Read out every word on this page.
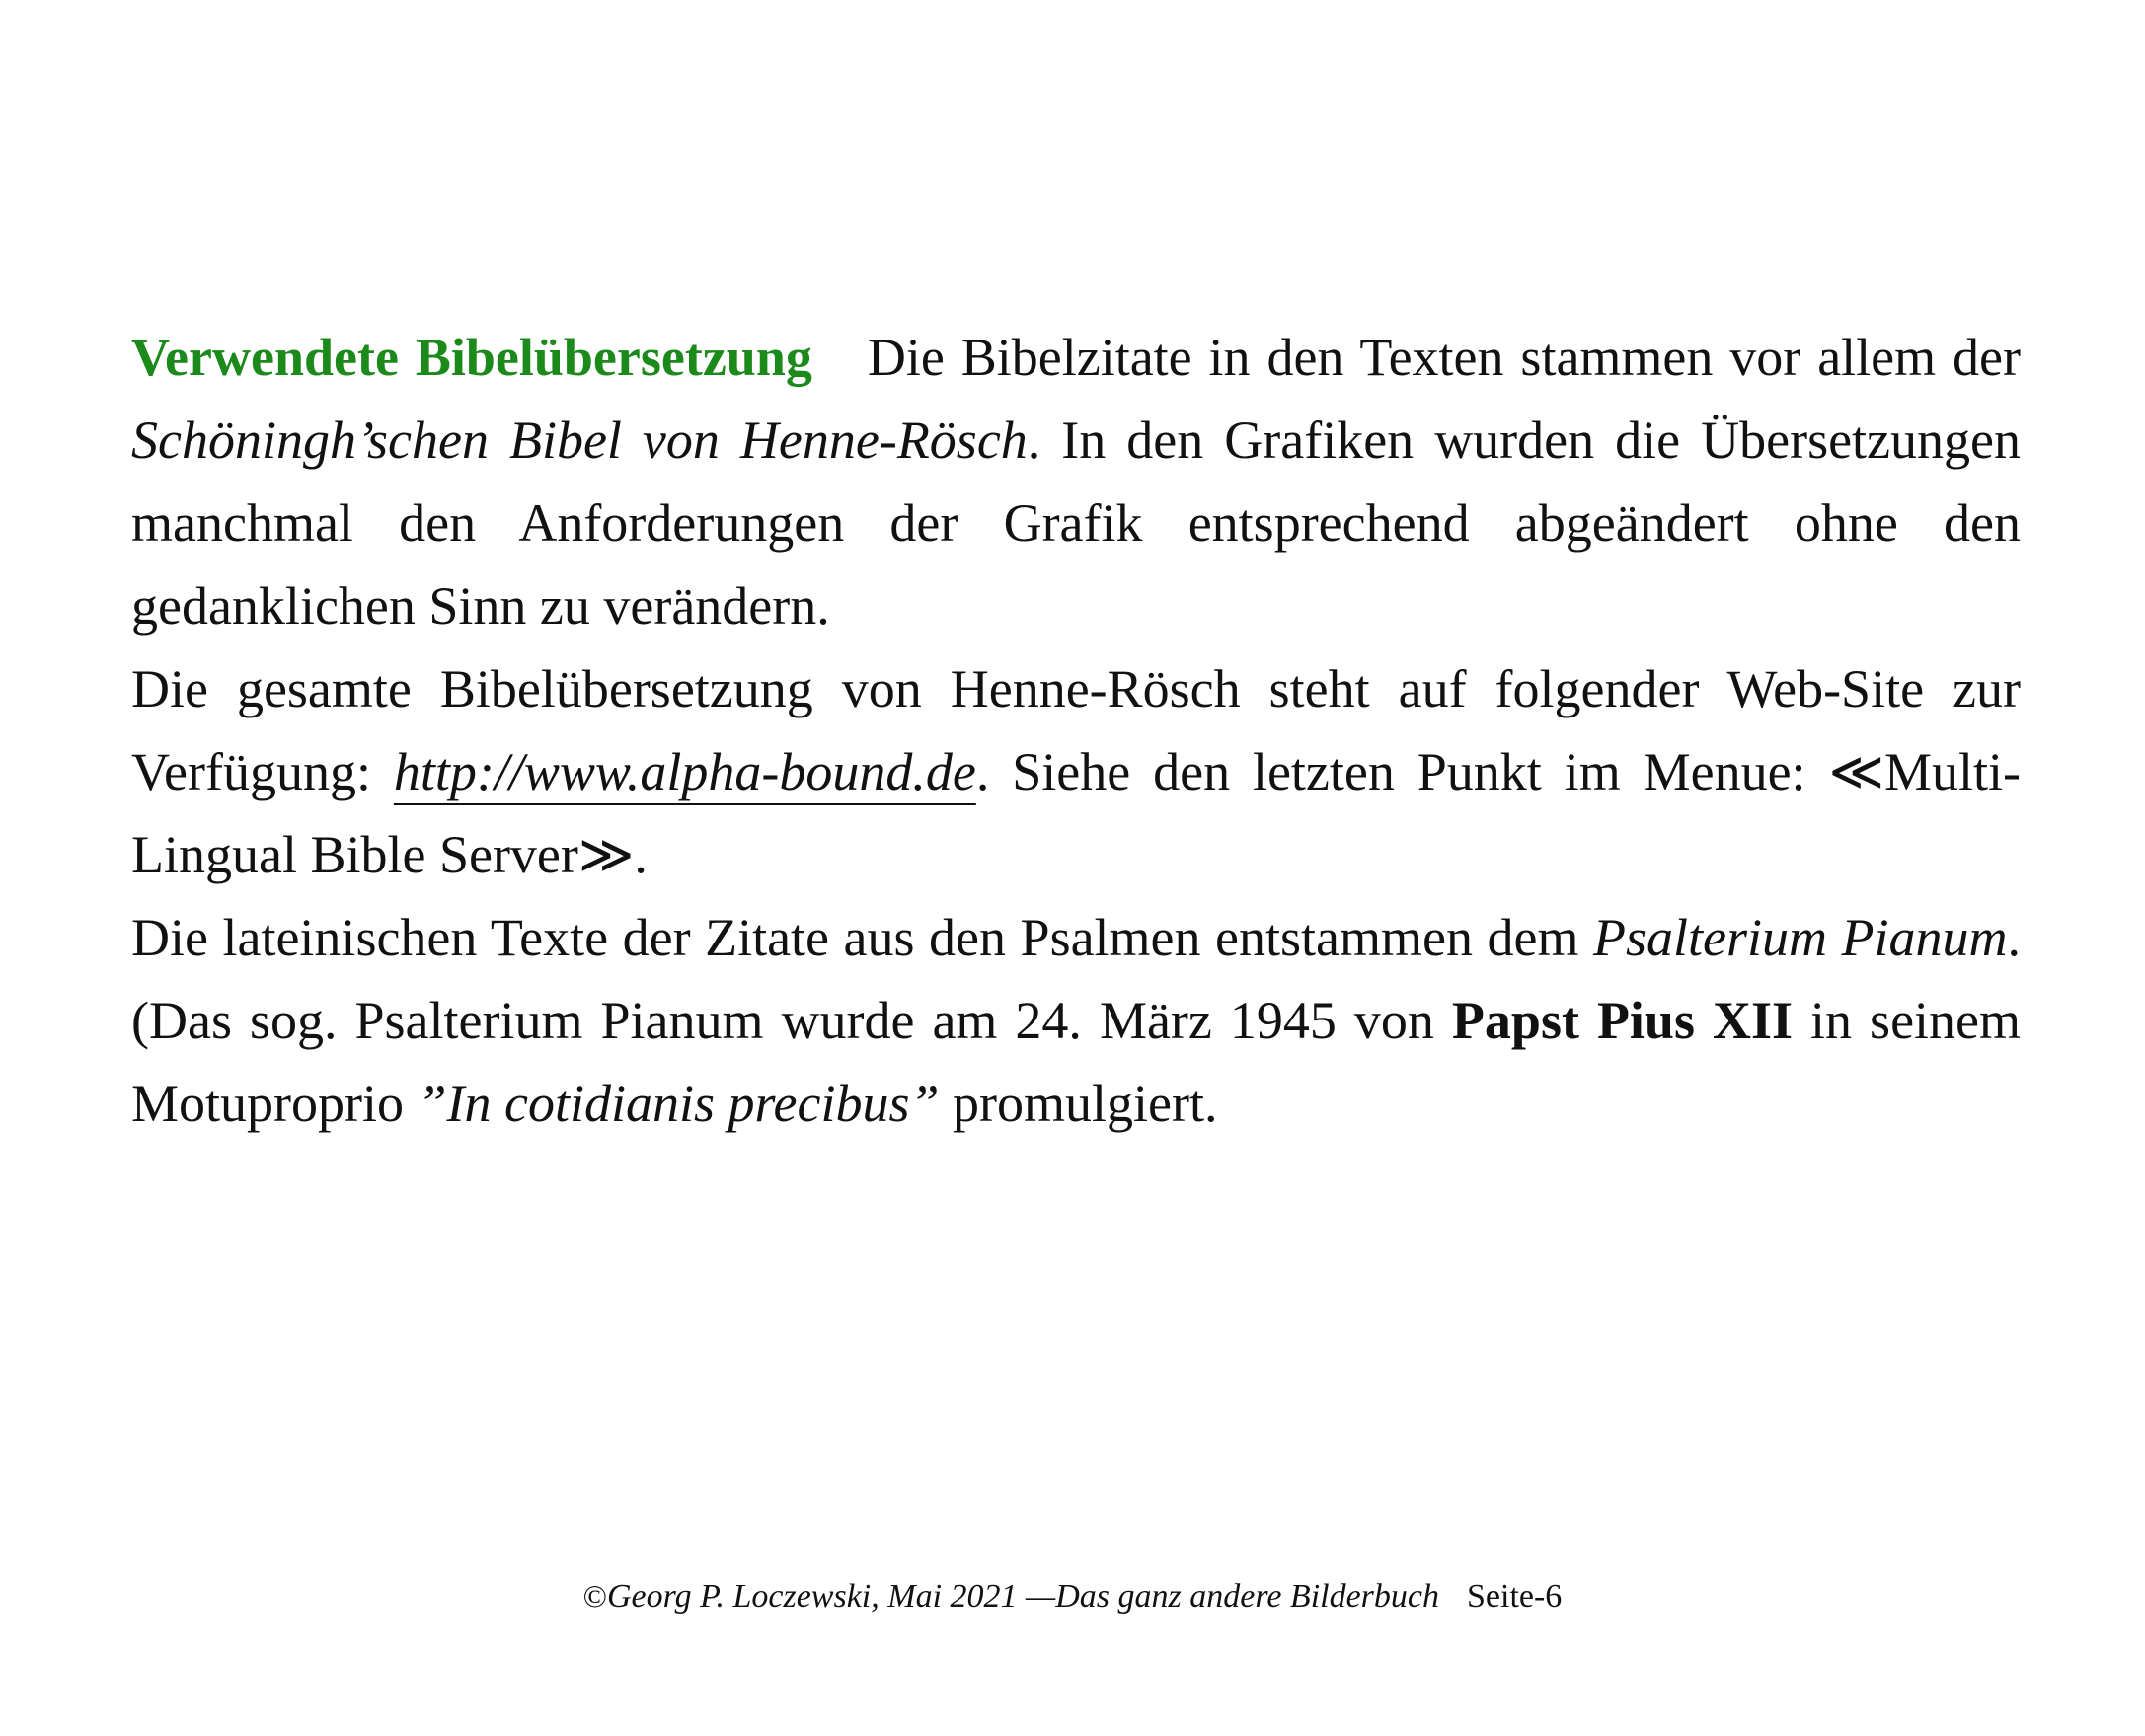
Verwendete Bibelübersetzung Die Bibelzitate in den Texten stammen vor allem der Schöningh’schen Bibel von Henne-Rösch. In den Grafiken wurden die Übersetzungen manchmal den Anforderungen der Grafik entsprechend abgeändert ohne den gedanklichen Sinn zu verändern.

Die gesamte Bibelübersetzung von Henne-Rösch steht auf folgender Web-Site zur Verfügung: http://www.alpha-bound.de. Siehe den letzten Punkt im Menue: ≪Multi-Lingual Bible Server≫.

Die lateinischen Texte der Zitate aus den Psalmen entstammen dem Psalterium Pianum. (Das sog. Psalterium Pianum wurde am 24. März 1945 von Papst Pius XII in seinem Motuproprio ”In cotidianis precibus” promulgiert.

©Georg P. Loczewski, Mai 2021 —Das ganz andere Bilderbuch Seite-6
